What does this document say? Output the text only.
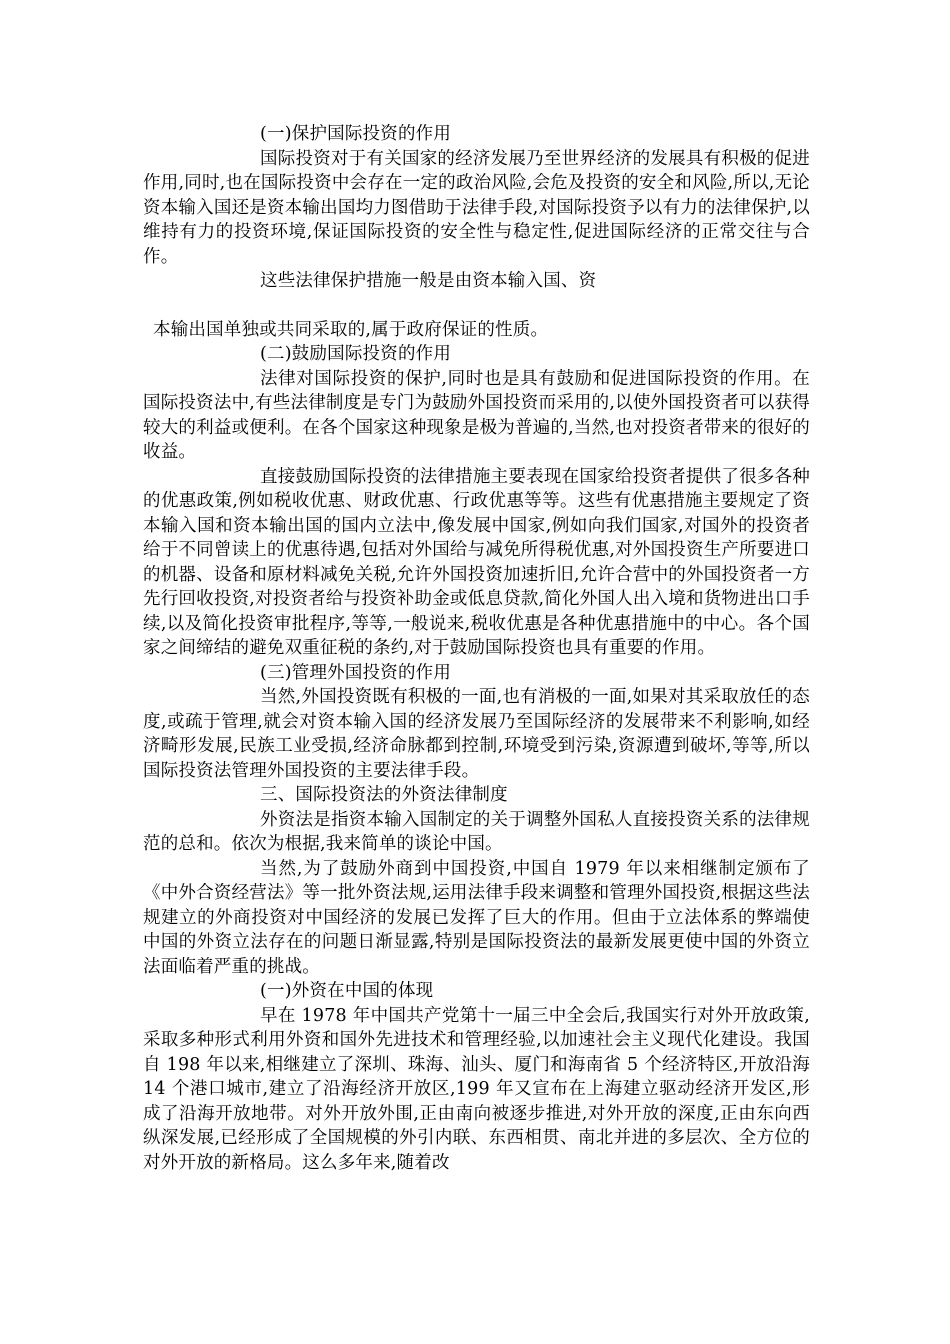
(一)保护国际投资的作用

国际投资对于有关国家的经济发展乃至世界经济的发展具有积极的促进作用,同时,也在国际投资中会存在一定的政治风险,会危及投资的安全和风险,所以,无论资本输入国还是资本输出国均力图借助于法律手段,对国际投资予以有力的法律保护,以维持有力的投资环境,保证国际投资的安全性与稳定性,促进国际经济的正常交往与合作。

这些法律保护措施一般是由资本输入国、资

本输出国单独或共同采取的,属于政府保证的性质。

(二)鼓励国际投资的作用

法律对国际投资的保护,同时也是具有鼓励和促进国际投资的作用。在国际投资法中,有些法律制度是专门为鼓励外国投资而采用的,以使外国投资者可以获得较大的利益或便利。在各个国家这种现象是极为普遍的,当然,也对投资者带来的很好的收益。

直接鼓励国际投资的法律措施主要表现在国家给投资者提供了很多各种的优惠政策,例如税收优惠、财政优惠、行政优惠等等。这些有优惠措施主要规定了资本输入国和资本输出国的国内立法中,像发展中国家,例如向我们国家,对国外的投资者给于不同曾读上的优惠待遇,包括对外国给与减免所得税优惠,对外国投资生产所要进口的机器、设备和原材料减免关税,允许外国投资加速折旧,允许合营中的外国投资者一方先行回收投资,对投资者给与投资补助金或低息贷款,简化外国人出入境和货物进出口手续,以及简化投资审批程序,等等,一般说来,税收优惠是各种优惠措施中的中心。各个国家之间缔结的避免双重征税的条约,对于鼓励国际投资也具有重要的作用。

(三)管理外国投资的作用

当然,外国投资既有积极的一面,也有消极的一面,如果对其采取放任的态度,或疏于管理,就会对资本输入国的经济发展乃至国际经济的发展带来不利影响,如经济畸形发展,民族工业受损,经济命脉都到控制,环境受到污染,资源遭到破坏,等等,所以国际投资法管理外国投资的主要法律手段。

三、国际投资法的外资法律制度

外资法是指资本输入国制定的关于调整外国私人直接投资关系的法律规范的总和。依次为根据,我来简单的谈论中国。

当然,为了鼓励外商到中国投资,中国自 1979 年以来相继制定颁布了《中外合资经营法》等一批外资法规,运用法律手段来调整和管理外国投资,根据这些法规建立的外商投资对中国经济的发展已发挥了巨大的作用。但由于立法体系的弊端使中国的外资立法存在的问题日渐显露,特别是国际投资法的最新发展更使中国的外资立法面临着严重的挑战。

(一)外资在中国的体现

早在 1978 年中国共产党第十一届三中全会后,我国实行对外开放政策,采取多种形式利用外资和国外先进技术和管理经验,以加速社会主义现代化建设。我国自 198 年以来,相继建立了深圳、珠海、汕头、厦门和海南省 5 个经济特区,开放沿海 14 个港口城市,建立了沿海经济开放区,199 年又宣布在上海建立驱动经济开发区,形成了沿海开放地带。对外开放外围,正由南向被逐步推进,对外开放的深度,正由东向西纵深发展,已经形成了全国规模的外引内联、东西相贯、南北并进的多层次、全方位的对外开放的新格局。这么多年来,随着改
